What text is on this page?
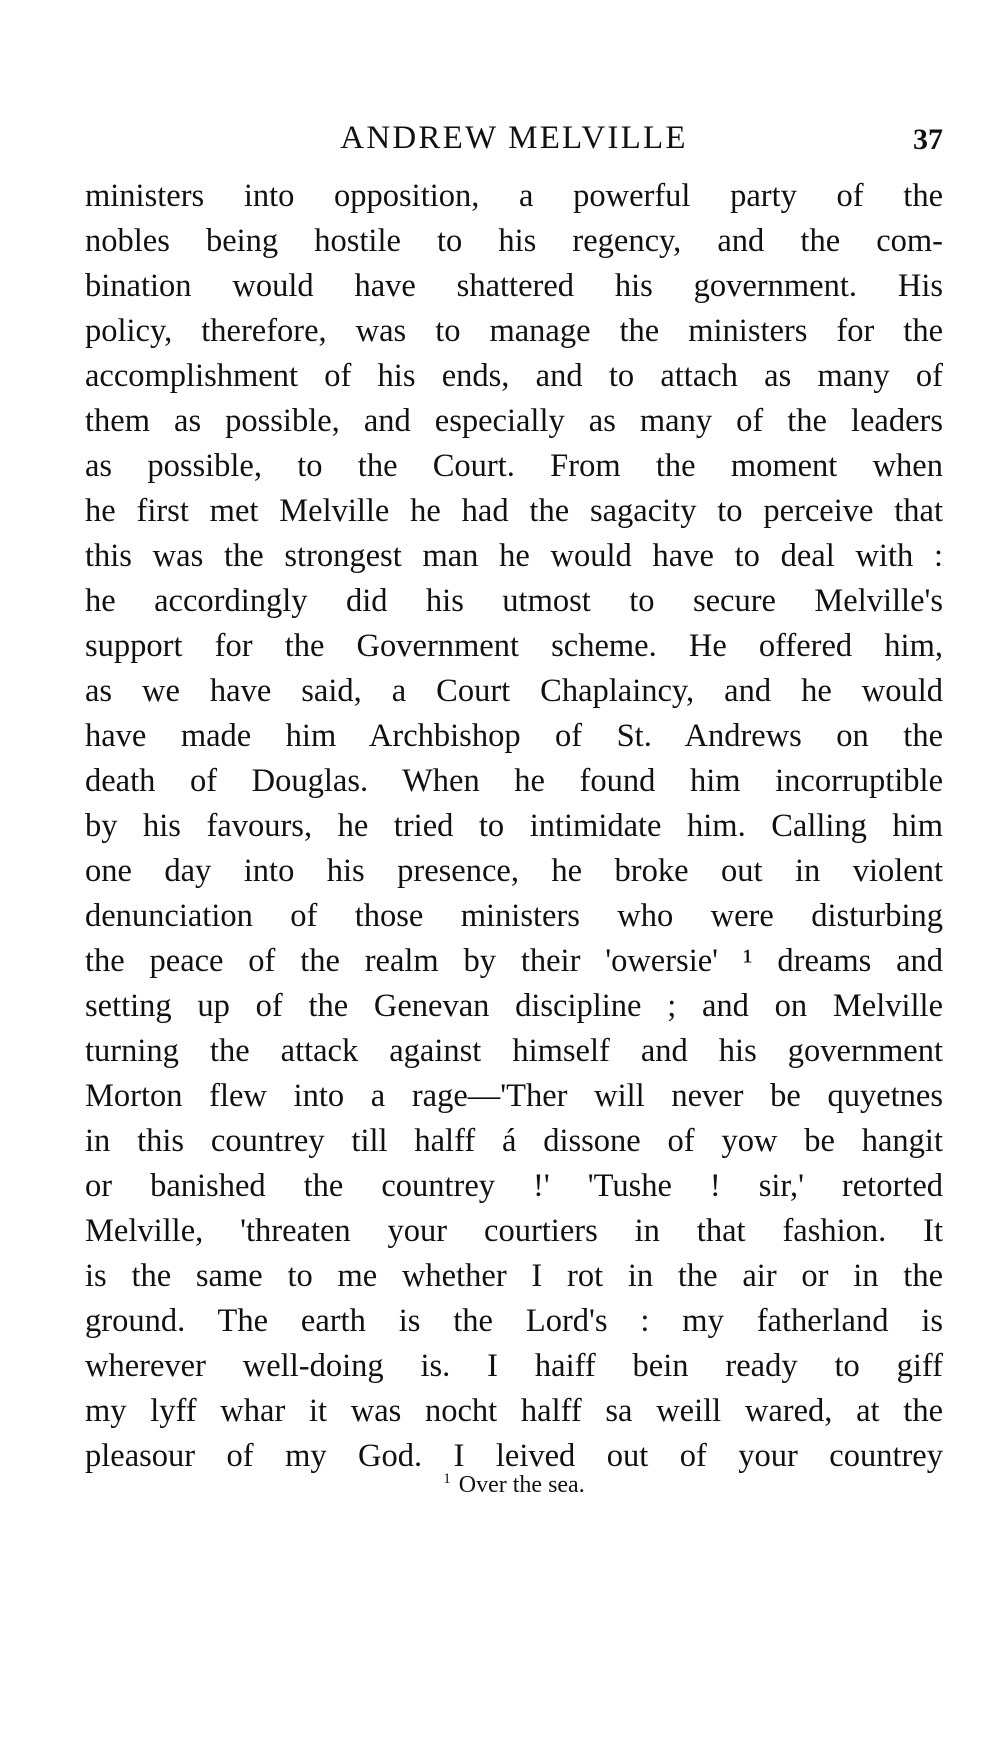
ANDREW MELVILLE	37
ministers into opposition, a powerful party of the
nobles being hostile to his regency, and the com-
bination would have shattered his government. His
policy, therefore, was to manage the ministers for the
accomplishment of his ends, and to attach as many of
them as possible, and especially as many of the leaders
as possible, to the Court. From the moment when
he first met Melville he had the sagacity to perceive that
this was the strongest man he would have to deal with :
he accordingly did his utmost to secure Melville's
support for the Government scheme. He offered him,
as we have said, a Court Chaplaincy, and he would
have made him Archbishop of St. Andrews on the
death of Douglas. When he found him incorruptible
by his favours, he tried to intimidate him. Calling him
one day into his presence, he broke out in violent
denunciation of those ministers who were disturbing
the peace of the realm by their 'owersie' ¹ dreams and
setting up of the Genevan discipline ; and on Melville
turning the attack against himself and his government
Morton flew into a rage—'Ther will never be quyetnes
in this countrey till halff á dissone of yow be hangit
or banished the countrey !' 'Tushe ! sir,' retorted
Melville, 'threaten your courtiers in that fashion. It
is the same to me whether I rot in the air or in the
ground. The earth is the Lord's : my fatherland is
wherever well-doing is. I haiff bein ready to giff
my lyff whar it was nocht halff sa weill wared, at the
pleasour of my God. I leived out of your countrey
$^1$ Over the sea.
